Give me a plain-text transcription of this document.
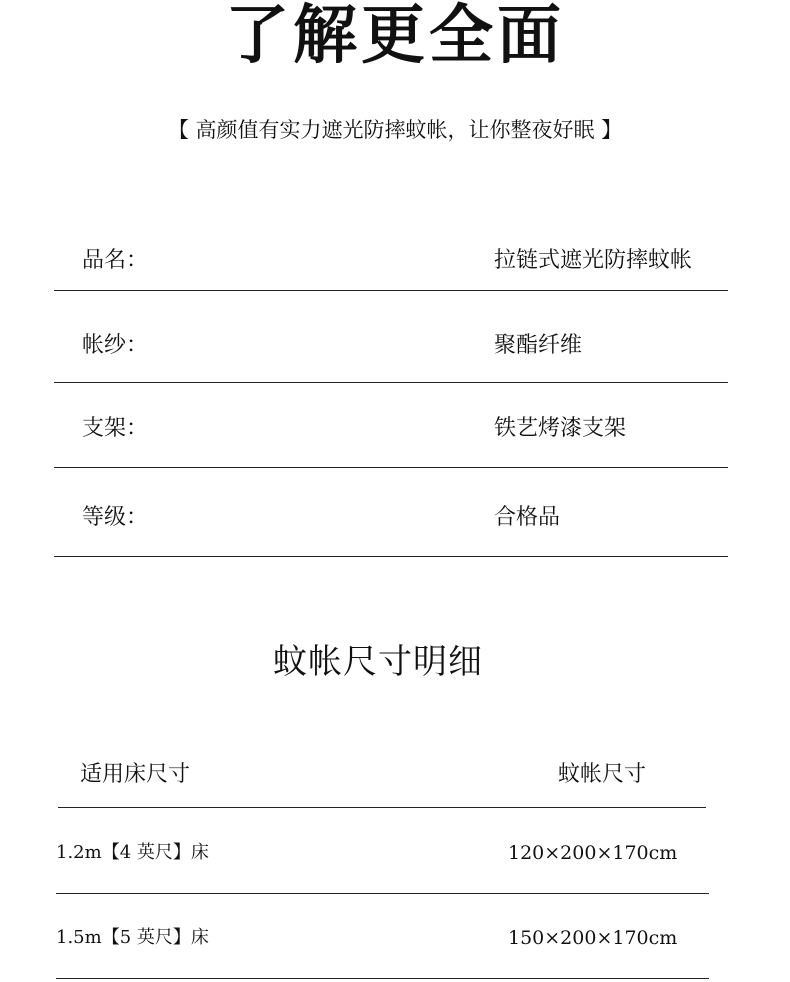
了解更全面
【 高颜值有实力遮光防摔蚊帐，让你整夜好眠 】
品名：	拉链式遮光防摔蚊帐
帐纱：	聚酯纤维
支架：	铁艺烤漆支架
等级：	合格品
蚊帐尺寸明细
适用床尺寸	蚊帐尺寸
1.2m【4 英尺】床	120×200×170cm
1.5m【5 英尺】床	150×200×170cm
